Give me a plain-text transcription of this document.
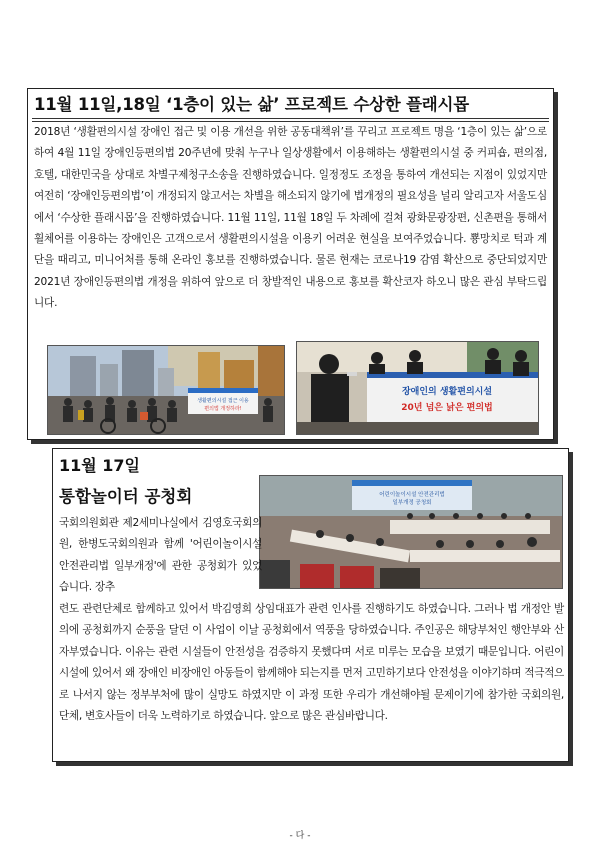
11월 11일,18일 ‘1층이 있는 삶’ 프로젝트 수상한 플래시몹
2018년 ‘생활편의시설 장애인 접근 및 이용 개선을 위한 공동대책위’를 꾸리고 프로젝트 명을 ‘1층이 있는 삶’으로 하여 4월 11일 장애인등편의법 20주년에 맞춰 누구나 일상생활에서 이용해하는 생활편의시설 중 커피숍, 편의점, 호텔, 대한민국을 상대로 차별구제청구소송을 진행하였습니다. 일정정도 조정을 통하여 개선되는 지점이 있었지만 여전히 ‘장애인등편의법’이 개정되지 않고서는 차별을 해소되지 않기에 법개정의 필요성을 널리 알리고자 서울도심에서 ‘수상한 플래시몹’을 진행하였습니다. 11월 11일, 11월 18일 두 차례에 걸쳐 광화문광장편, 신촌편을 통해서 휠체어를 이용하는 장애인은 고객으로서 생활편의시설을 이용키 어려운 현실을 보여주었습니다. 뿅망치로 턱과 계단을 때리고, 미니어처를 통해 온라인 홍보를 진행하였습니다. 물론 현재는 코로나19 감염 확산으로 중단되었지만 2021년 장애인등편의법 개정을 위하여 앞으로 더 창발적인 내용으로 홍보를 확산코자 하오니 많은 관심 부탁드립니다.
생활편의시설 접근 이용
편의법 개정하라!
장애인의 생활편의시설
20년 넘은 낡은 편의법
11월 17일
통합놀이터 공청회	어린이놀이시설 안전관리법
일부개정 공청회
국회의원회관 제2세미나실에서 김영호국회의원, 한병도국회의원과 함께 '어린이놀이시설 안전관리법 일부개정'에 관한 공청회가 있었습니다. 장추
련도 관련단체로 함께하고 있어서 박김영희 상임대표가 관련 인사를 진행하기도 하였습니다. 그러나 법 개정안 발의에 공청회까지 순풍을 달던 이 사업이 이날 공청회에서 역풍을 당하였습니다. 주인공은 해당부처인 행안부와 산자부였습니다. 이유는 관련 시설들이 안전성을 검증하지 못했다며 서로 미루는 모습을 보였기 때문입니다. 어린이 시설에 있어서 왜 장애인 비장애인 아동들이 함께해야 되는지를 먼저 고민하기보다 안전성을 이야기하며 적극적으로 나서지 않는 정부부처에 많이 실망도 하였지만 이 과정 또한 우리가 개선해야될 문제이기에 참가한 국회의원, 단체, 변호사들이 더욱 노력하기로 하였습니다. 앞으로 많은 관심바랍니다.
- 다 -
